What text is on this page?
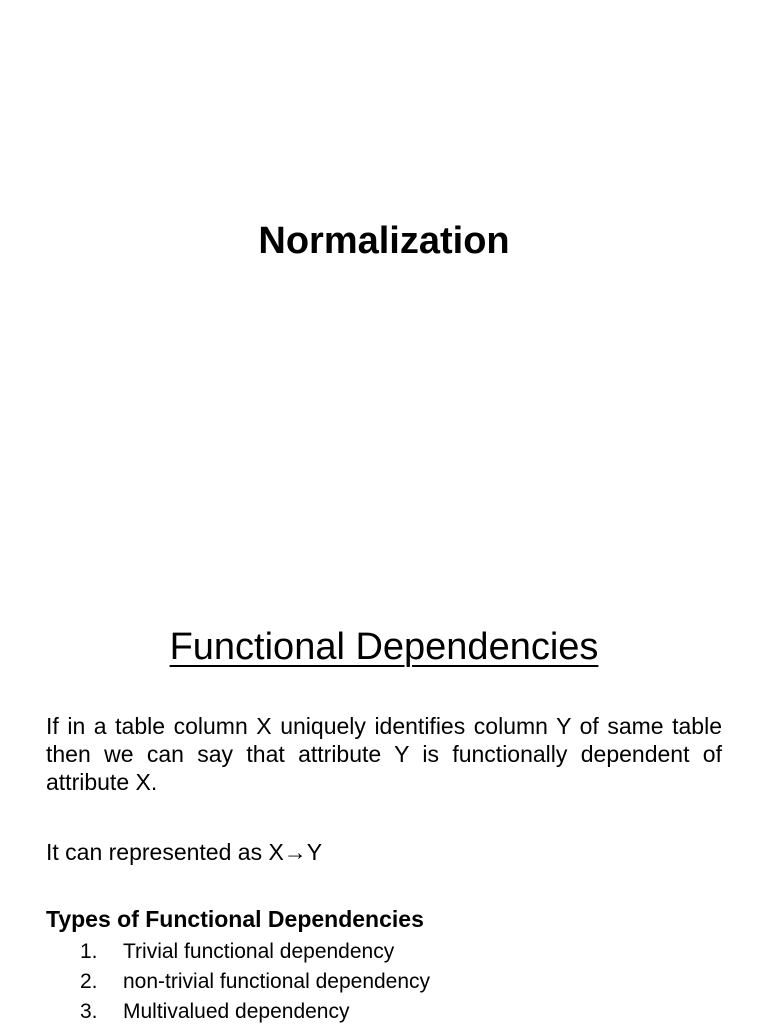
Normalization
Functional Dependencies
If in a table column X uniquely identifies column Y of same table then we can say that attribute Y is functionally dependent of attribute X.
It can represented as X→Y
Types of Functional Dependencies
1.	Trivial functional dependency
2.	non-trivial functional dependency
3.	Multivalued dependency
